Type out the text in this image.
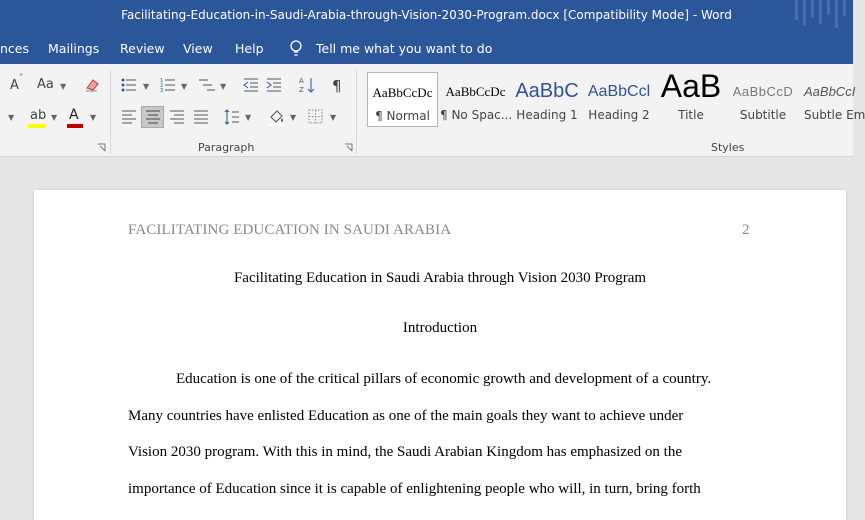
Facilitating-Education-in-Saudi-Arabia-through-Vision-2030-Program.docx [Compatibility Mode] - Word
nces Mailings Review View Help	Tell me what you want to do
A ˇ Aa ▼
▼ ab ▼ A ▼
▼
1
2
3 ▼	▼
A
Z ¶
▼	▼	▼
Paragraph
AaBbCcDc
¶ Normal
AaBbCcDc
¶ No Spac...
AaBbC
Heading 1
AaBbCcl
Heading 2
AaB
Title
AaBbCcD
Subtitle
AaBbCcI
Subtle Em
Styles
FACILITATING EDUCATION IN SAUDI ARABIA	2
Facilitating Education in Saudi Arabia through Vision 2030 Program
Introduction
Education is one of the critical pillars of economic growth and development of a country.
Many countries have enlisted Education as one of the main goals they want to achieve under
Vision 2030 program. With this in mind, the Saudi Arabian Kingdom has emphasized on the
importance of Education since it is capable of enlightening people who will, in turn, bring forth
